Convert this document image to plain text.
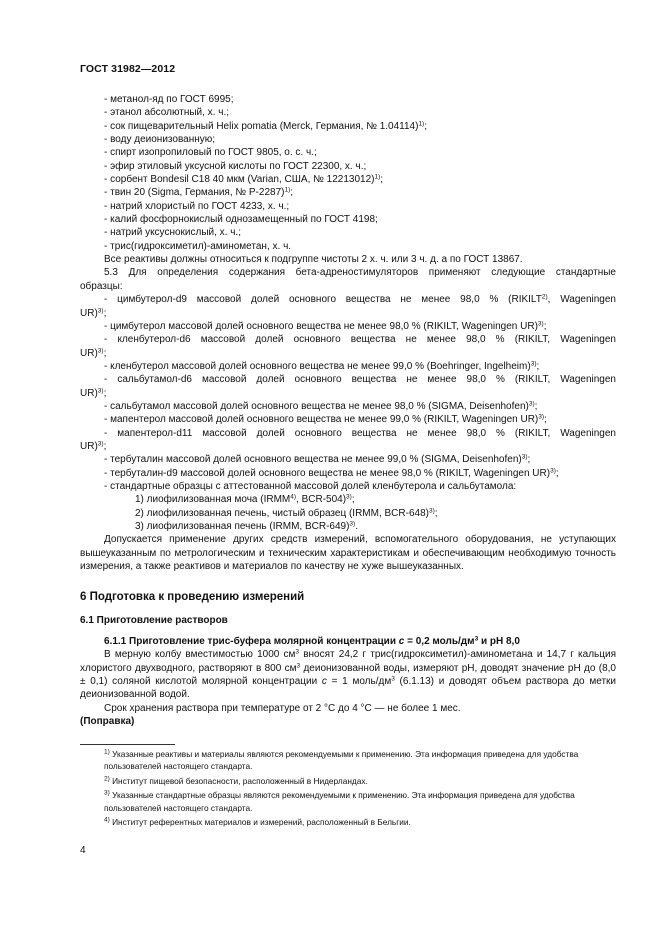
ГОСТ 31982—2012

- метанол-яд по ГОСТ 6995;

- этанол абсолютный, х. ч.;

- сок пищеварительный Helix pomatia (Merck, Германия, № 1.04114)$^{1)}$;

- воду деионизованную;

- спирт изопропиловый по ГОСТ 9805, о. с. ч.;

- эфир этиловый уксусной кислоты по ГОСТ 22300, х. ч.;

- сорбент Bondesil C18 40 мкм (Varian, США, № 12213012)$^{1)}$;

- твин 20 (Sigma, Германия, № P-2287)$^{1)}$;

- натрий хлористый по ГОСТ 4233, х. ч.;

- калий фосфорнокислый однозамещенный по ГОСТ 4198;

- натрий уксуснокислый, х. ч.;

- трис(гидроксиметил)-аминометан, х. ч.

Все реактивы должны относиться к подгруппе чистоты 2 х. ч. или 3 ч. д. а по ГОСТ 13867.

5.3 Для определения содержания бета-адреностимуляторов применяют следующие стандартные

образцы:

- цимбутерол-d9 массовой долей основного вещества не менее 98,0 % (RIKILT$^{2)}$, Wageningen

UR)$^{3)}$;

- цимбутерол массовой долей основного вещества не менее 98,0 % (RIKILT, Wageningen UR)$^{3)}$;

- кленбутерол-d6 массовой долей основного вещества не менее 98,0 % (RIKILT, Wageningen

UR)$^{3)}$;

- кленбутерол массовой долей основного вещества не менее 99,0 % (Boehringer, Ingelheim)$^{3)}$;

- сальбутамол-d6 массовой долей основного вещества не менее 98,0 % (RIKILT, Wageningen

UR)$^{3)}$;

- сальбутамол массовой долей основного вещества не менее 98,0 % (SIGMA, Deisenhofen)$^{3)}$;

- мапентерол массовой долей основного вещества не менее 99,0 % (RIKILT, Wageningen UR)$^{3)}$;

- мапентерол-d11 массовой долей основного вещества не менее 98,0 % (RIKILT, Wageningen

UR)$^{3)}$;

- тербуталин массовой долей основного вещества не менее 99,0 % (SIGMA, Deisenhofen)$^{3)}$;

- тербуталин-d9 массовой долей основного вещества не менее 98,0 % (RIKILT, Wageningen UR)$^{3)}$;

- стандартные образцы с аттестованной массовой долей кленбутерола и сальбутамола:

1) лиофилизованная моча (IRMM$^{4)}$, BCR-504)$^{3)}$;

2) лиофилизованная печень, чистый образец (IRMM, BCR-648)$^{3)}$;

3) лиофилизованная печень (IRMM, BCR-649)$^{3)}$.

Допускается применение других средств измерений, вспомогательного оборудования, не уступающих вышеуказанным по метрологическим и техническим характеристикам и обеспечивающим необходимую точность измерения, а также реактивов и материалов по качеству не хуже вышеуказанных.

6 Подготовка к проведению измерений

6.1 Приготовление растворов

6.1.1 Приготовление трис-буфера молярной концентрации с = 0,2 моль/$дм^3$ и рН 8,0

В мерную колбу вместимостью 1000 $см^3$ вносят 24,2 г трис(гидроксиметил)-аминометана и 14,7 г кальция хлористого двухводного, растворяют в 800 $см^3$ деионизованной воды, измеряют рН, доводят значение рН до (8,0 ± 0,1) соляной кислотой молярной концентрации с = 1 моль/$дм^3$ (6.1.13) и доводят объем раствора до метки деионизованной водой.

Срок хранения раствора при температуре от 2 °C до 4 °C — не более 1 мес.

(Поправка)

$^{1)}$ Указанные реактивы и материалы являются рекомендуемыми к применению. Эта информация приведена для удобства пользователей настоящего стандарта.

$^{2)}$ Институт пищевой безопасности, расположенный в Нидерландах.

$^{3)}$ Указанные стандартные образцы являются рекомендуемыми к применению. Эта информация приведена для удобства пользователей настоящего стандарта.

$^{4)}$ Институт референтных материалов и измерений, расположенный в Бельгии.

4
